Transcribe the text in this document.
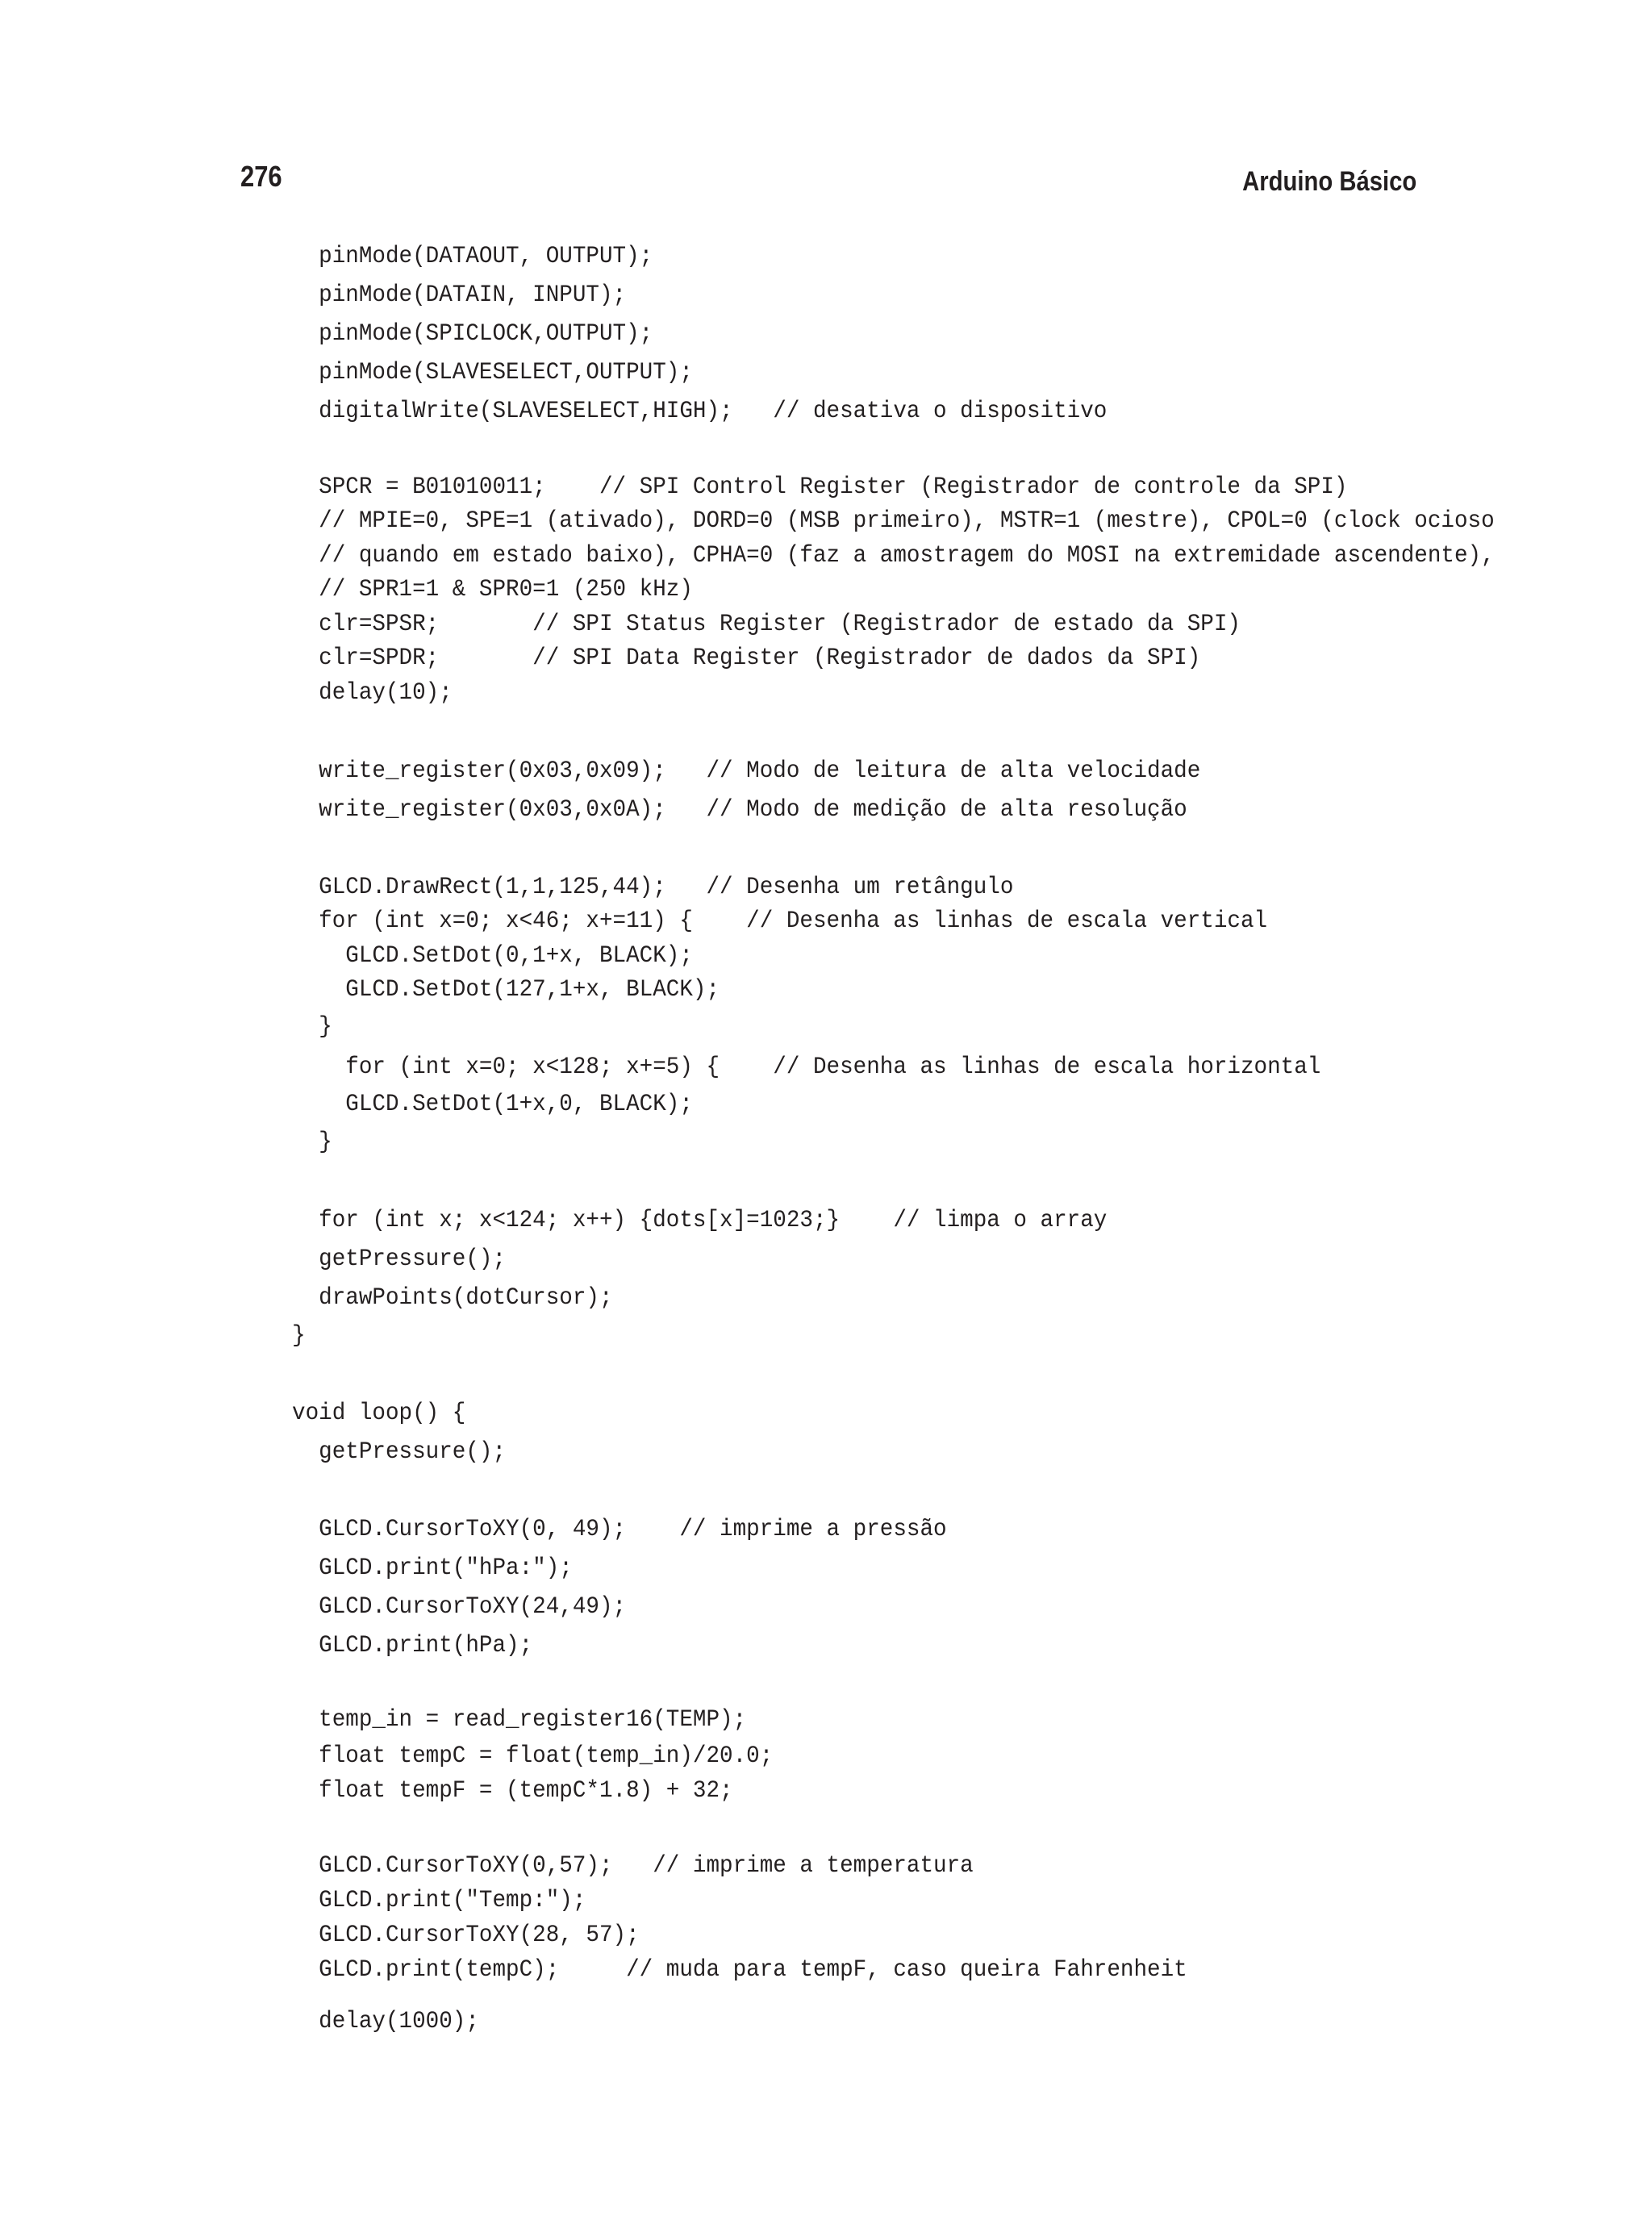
276	Arduino Básico
pinMode(DATAOUT, OUTPUT);
pinMode(DATAIN, INPUT);
pinMode(SPICLOCK,OUTPUT);
pinMode(SLAVESELECT,OUTPUT);
digitalWrite(SLAVESELECT,HIGH);   // desativa o dispositivo
SPCR = B01010011;    // SPI Control Register (Registrador de controle da SPI)
// MPIE=0, SPE=1 (ativado), DORD=0 (MSB primeiro), MSTR=1 (mestre), CPOL=0 (clock ocioso
// quando em estado baixo), CPHA=0 (faz a amostragem do MOSI na extremidade ascendente),
// SPR1=1 & SPR0=1 (250 kHz)
clr=SPSR;       // SPI Status Register (Registrador de estado da SPI)
clr=SPDR;       // SPI Data Register (Registrador de dados da SPI)
delay(10);
write_register(0x03,0x09);   // Modo de leitura de alta velocidade
write_register(0x03,0x0A);   // Modo de medição de alta resolução
GLCD.DrawRect(1,1,125,44);   // Desenha um retângulo
for (int x=0; x<46; x+=11) {    // Desenha as linhas de escala vertical
GLCD.SetDot(0,1+x, BLACK);
GLCD.SetDot(127,1+x, BLACK);
}
for (int x=0; x<128; x+=5) {    // Desenha as linhas de escala horizontal
GLCD.SetDot(1+x,0, BLACK);
}
for (int x; x<124; x++) {dots[x]=1023;}    // limpa o array
getPressure();
drawPoints(dotCursor);
}
void loop() {
getPressure();
GLCD.CursorToXY(0, 49);    // imprime a pressão
GLCD.print("hPa:");
GLCD.CursorToXY(24,49);
GLCD.print(hPa);
temp_in = read_register16(TEMP);
float tempC = float(temp_in)/20.0;
float tempF = (tempC*1.8) + 32;
GLCD.CursorToXY(0,57);   // imprime a temperatura
GLCD.print("Temp:");
GLCD.CursorToXY(28, 57);
GLCD.print(tempC);     // muda para tempF, caso queira Fahrenheit
delay(1000);
